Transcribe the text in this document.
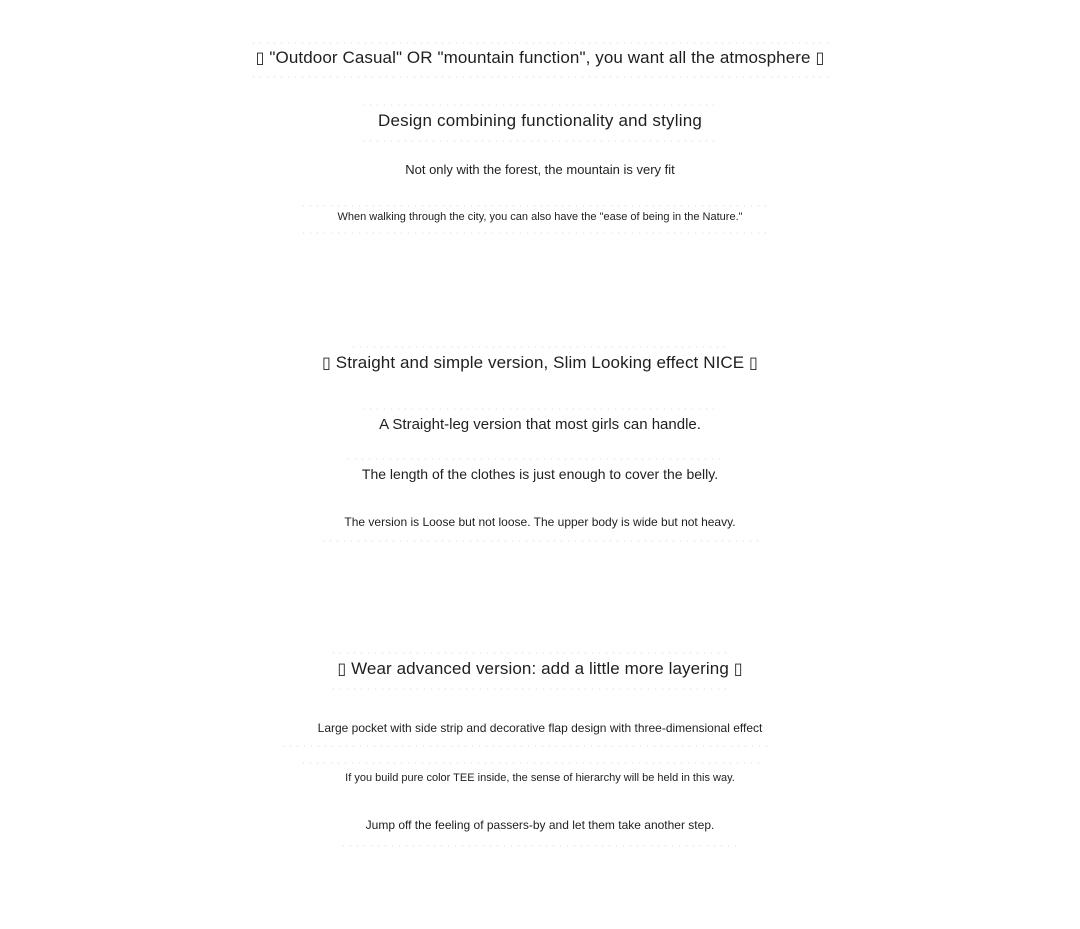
▯ "Outdoor Casual" OR "mountain function", you want all the atmosphere ▯
Design combining functionality and styling
Not only with the forest, the mountain is very fit
When walking through the city, you can also have the "ease of being in the Nature."
▯ Straight and simple version, Slim Looking effect NICE ▯
A Straight-leg version that most girls can handle.
The length of the clothes is just enough to cover the belly.
The version is Loose but not loose. The upper body is wide but not heavy.
▯ Wear advanced version: add a little more layering ▯
Large pocket with side strip and decorative flap design with three-dimensional effect
If you build pure color TEE inside, the sense of hierarchy will be held in this way.
Jump off the feeling of passers-by and let them take another step.
